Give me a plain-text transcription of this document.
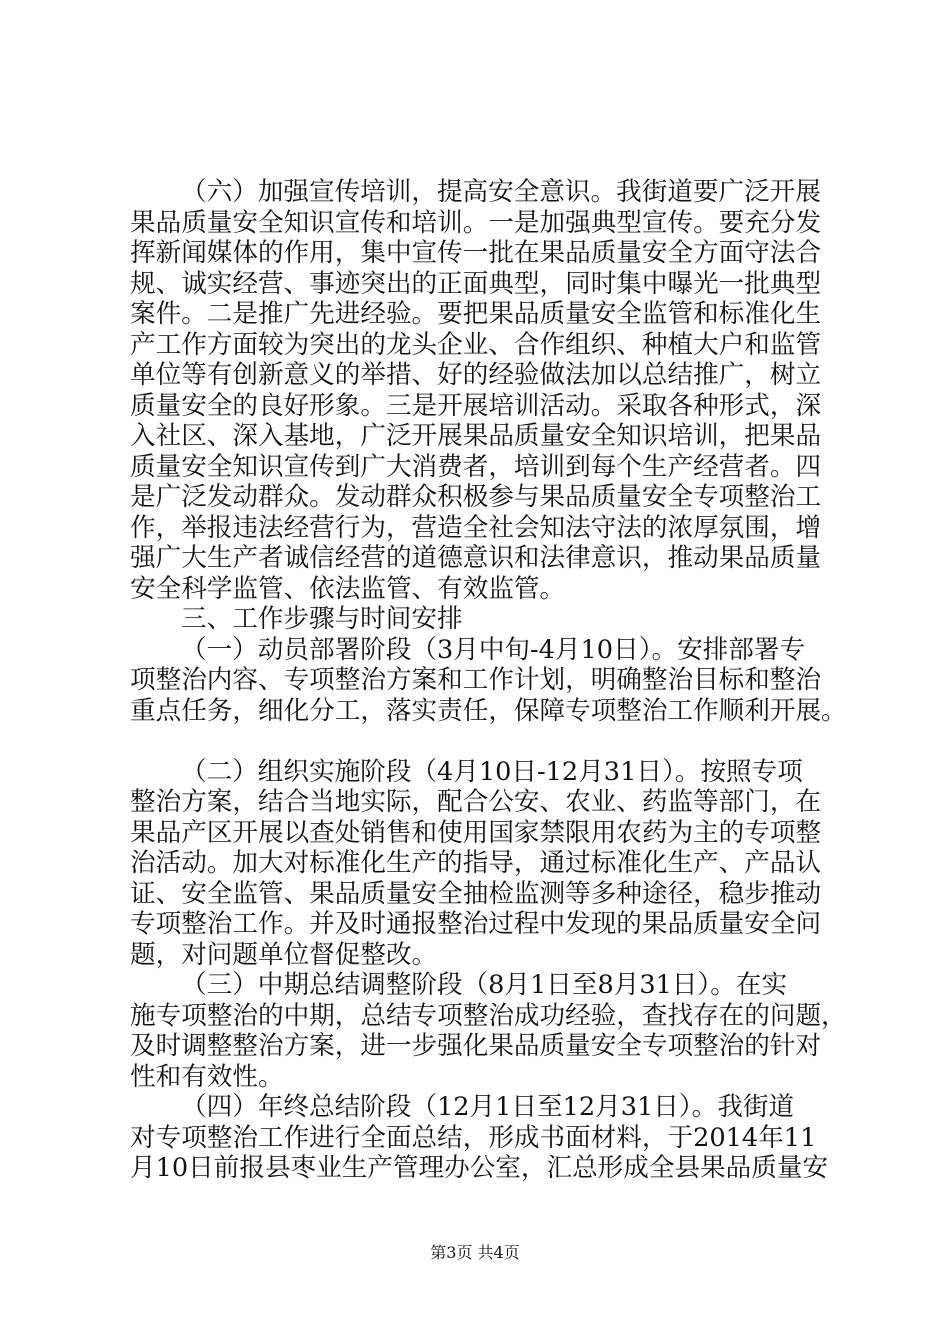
（六）加强宣传培训，提高安全意识。我街道要广泛开展

果品质量安全知识宣传和培训。一是加强典型宣传。要充分发

挥新闻媒体的作用，集中宣传一批在果品质量安全方面守法合

规、诚实经营、事迹突出的正面典型，同时集中曝光一批典型

案件。二是推广先进经验。要把果品质量安全监管和标准化生

产工作方面较为突出的龙头企业、合作组织、种植大户和监管

单位等有创新意义的举措、好的经验做法加以总结推广，树立

质量安全的良好形象。三是开展培训活动。采取各种形式，深

入社区、深入基地，广泛开展果品质量安全知识培训，把果品

质量安全知识宣传到广大消费者，培训到每个生产经营者。四

是广泛发动群众。发动群众积极参与果品质量安全专项整治工

作，举报违法经营行为，营造全社会知法守法的浓厚氛围，增

强广大生产者诚信经营的道德意识和法律意识，推动果品质量

安全科学监管、依法监管、有效监管。

三、工作步骤与时间安排

（一）动员部署阶段（3月中旬-4月10日）。安排部署专

项整治内容、专项整治方案和工作计划，明确整治目标和整治

重点任务，细化分工，落实责任，保障专项整治工作顺利开展。

（二）组织实施阶段（4月10日-12月31日）。按照专项

整治方案，结合当地实际，配合公安、农业、药监等部门，在

果品产区开展以查处销售和使用国家禁限用农药为主的专项整

治活动。加大对标准化生产的指导，通过标准化生产、产品认

证、安全监管、果品质量安全抽检监测等多种途径，稳步推动

专项整治工作。并及时通报整治过程中发现的果品质量安全问

题，对问题单位督促整改。

（三）中期总结调整阶段（8月1日至8月31日）。在实

施专项整治的中期，总结专项整治成功经验，查找存在的问题，

及时调整整治方案，进一步强化果品质量安全专项整治的针对

性和有效性。

（四）年终总结阶段（12月1日至12月31日）。我街道

对专项整治工作进行全面总结，形成书面材料，于2014年11

月10日前报县枣业生产管理办公室，汇总形成全县果品质量安

第3页 共4页
